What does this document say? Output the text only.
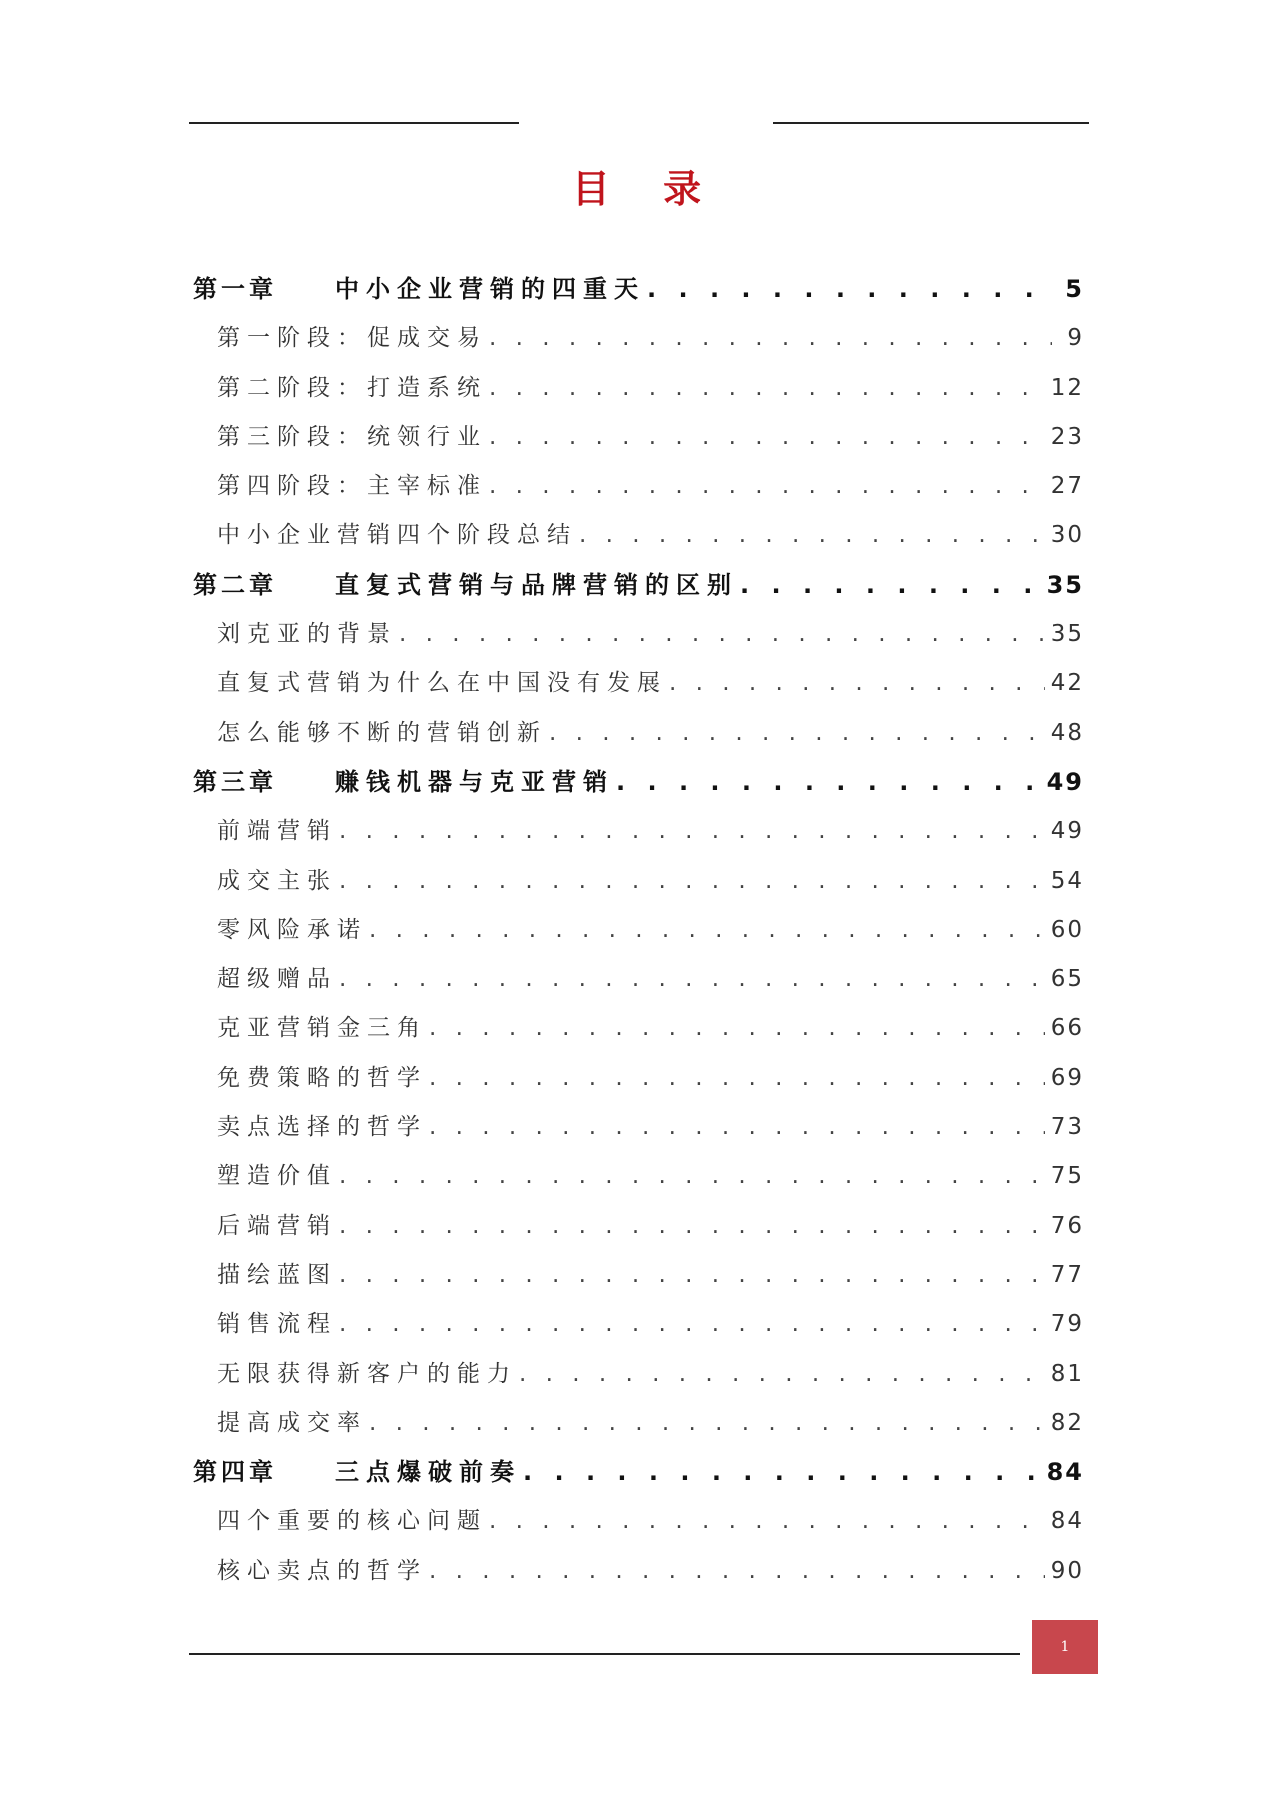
目 录
第一章	中小企业营销的四重天 . . .	5
第一阶段：促成交易 . . .	9
第二阶段：打造系统 . . .	12
第三阶段：统领行业 . . .	23
第四阶段：主宰标准 . . .	27
中小企业营销四个阶段总结 . . .	30
第二章	直复式营销与品牌营销的区别 . . .	35
刘克亚的背景 . . .	35
直复式营销为什么在中国没有发展 . . .	42
怎么能够不断的营销创新 . . .	48
第三章	赚钱机器与克亚营销 . . .	49
前端营销 . . .	49
成交主张 . . .	54
零风险承诺 . . .	60
超级赠品 . . .	65
克亚营销金三角 . . .	66
免费策略的哲学 . . .	69
卖点选择的哲学 . . .	73
塑造价值 . . .	75
后端营销 . . .	76
描绘蓝图 . . .	77
销售流程 . . .	79
无限获得新客户的能力 . . .	81
提高成交率 . . .	82
第四章	三点爆破前奏 . . .	84
四个重要的核心问题 . . .	84
核心卖点的哲学 . . .	90
1
